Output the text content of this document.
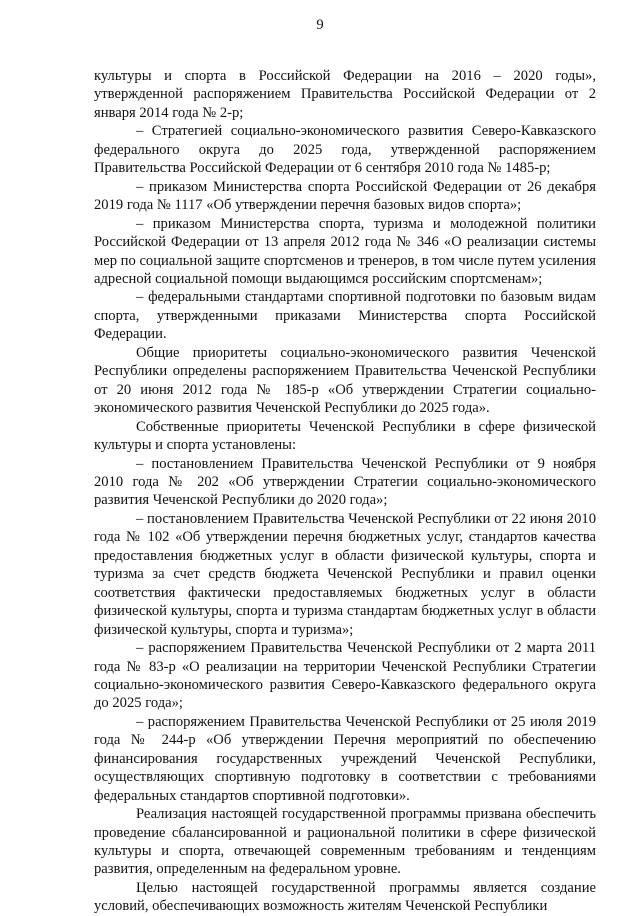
9

культуры и спорта в Российской Федерации на 2016 – 2020 годы», утвержденной распоряжением Правительства Российской Федерации от 2 января 2014 года № 2-р;

– Стратегией социально-экономического развития Северо-Кавказского федерального округа до 2025 года, утвержденной распоряжением Правительства Российской Федерации от 6 сентября 2010 года № 1485-р;

– приказом Министерства спорта Российской Федерации от 26 декабря 2019 года № 1117 «Об утверждении перечня базовых видов спорта»;

– приказом Министерства спорта, туризма и молодежной политики Российской Федерации от 13 апреля 2012 года № 346 «О реализации системы мер по социальной защите спортсменов и тренеров, в том числе путем усиления адресной социальной помощи выдающимся российским спортсменам»;

– федеральными стандартами спортивной подготовки по базовым видам спорта, утвержденными приказами Министерства спорта Российской Федерации.

Общие приоритеты социально-экономического развития Чеченской Республики определены распоряжением Правительства Чеченской Республики от 20 июня 2012 года № 185-р «Об утверждении Стратегии социально-экономического развития Чеченской Республики до 2025 года».

Собственные приоритеты Чеченской Республики в сфере физической культуры и спорта установлены:

– постановлением Правительства Чеченской Республики от 9 ноября 2010 года № 202 «Об утверждении Стратегии социально-экономического развития Чеченской Республики до 2020 года»;

– постановлением Правительства Чеченской Республики от 22 июня 2010 года № 102 «Об утверждении перечня бюджетных услуг, стандартов качества предоставления бюджетных услуг в области физической культуры, спорта и туризма за счет средств бюджета Чеченской Республики и правил оценки соответствия фактически предоставляемых бюджетных услуг в области физической культуры, спорта и туризма стандартам бюджетных услуг в области физической культуры, спорта и туризма»;

– распоряжением Правительства Чеченской Республики от 2 марта 2011 года № 83-р «О реализации на территории Чеченской Республики Стратегии социально-экономического развития Северо-Кавказского федерального округа до 2025 года»;

– распоряжением Правительства Чеченской Республики от 25 июля 2019 года № 244-р «Об утверждении Перечня мероприятий по обеспечению финансирования государственных учреждений Чеченской Республики, осуществляющих спортивную подготовку в соответствии с требованиями федеральных стандартов спортивной подготовки».

Реализация настоящей государственной программы призвана обеспечить проведение сбалансированной и рациональной политики в сфере физической культуры и спорта, отвечающей современным требованиям и тенденциям развития, определенным на федеральном уровне.

Целью настоящей государственной программы является создание условий, обеспечивающих возможность жителям Чеченской Республики
